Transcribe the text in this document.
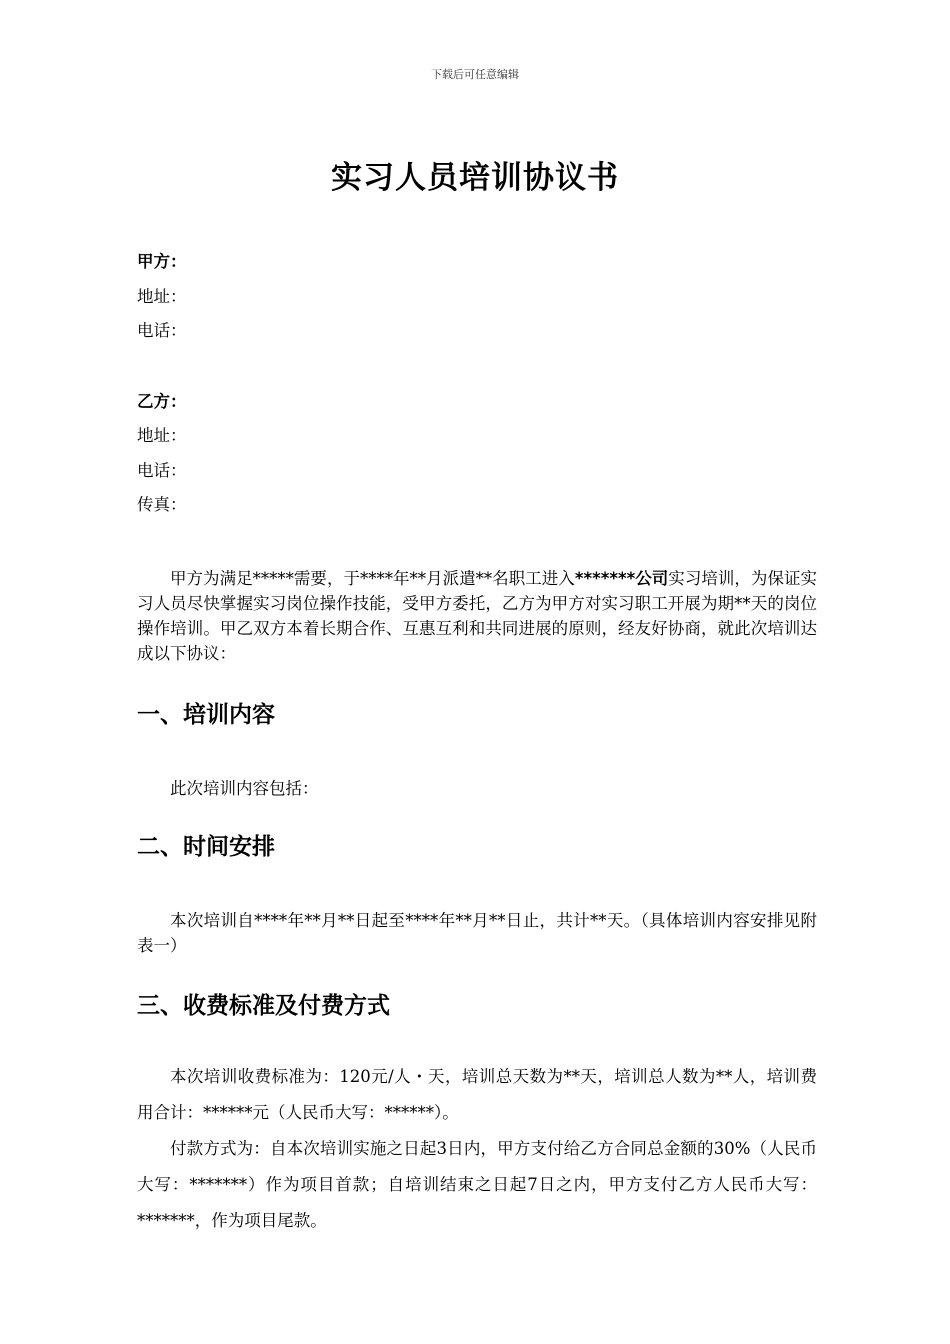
下载后可任意编辑
实习人员培训协议书
甲方：
地址：
电话：
乙方：
地址：
电话：
传真：

甲方为满足*****需要，于****年**月派遣**名职工进入*******公司实习培训，为保证实习人员尽快掌握实习岗位操作技能，受甲方委托，乙方为甲方对实习职工开展为期**天的岗位操作培训。甲乙双方本着长期合作、互惠互利和共同进展的原则，经友好协商，就此次培训达成以下协议：

一、培训内容

此次培训内容包括：

二、时间安排

本次培训自****年**月**日起至****年**月**日止，共计**天。（具体培训内容安排见附表一）

三、收费标准及付费方式

本次培训收费标准为：120元/人・天，培训总天数为**天，培训总人数为**人，培训费用合计：******元（人民币大写：******）。

付款方式为：自本次培训实施之日起3日内，甲方支付给乙方合同总金额的30%（人民币大写：*******）作为项目首款；自培训结束之日起7日之内，甲方支付乙方人民币大写：*******，作为项目尾款。
